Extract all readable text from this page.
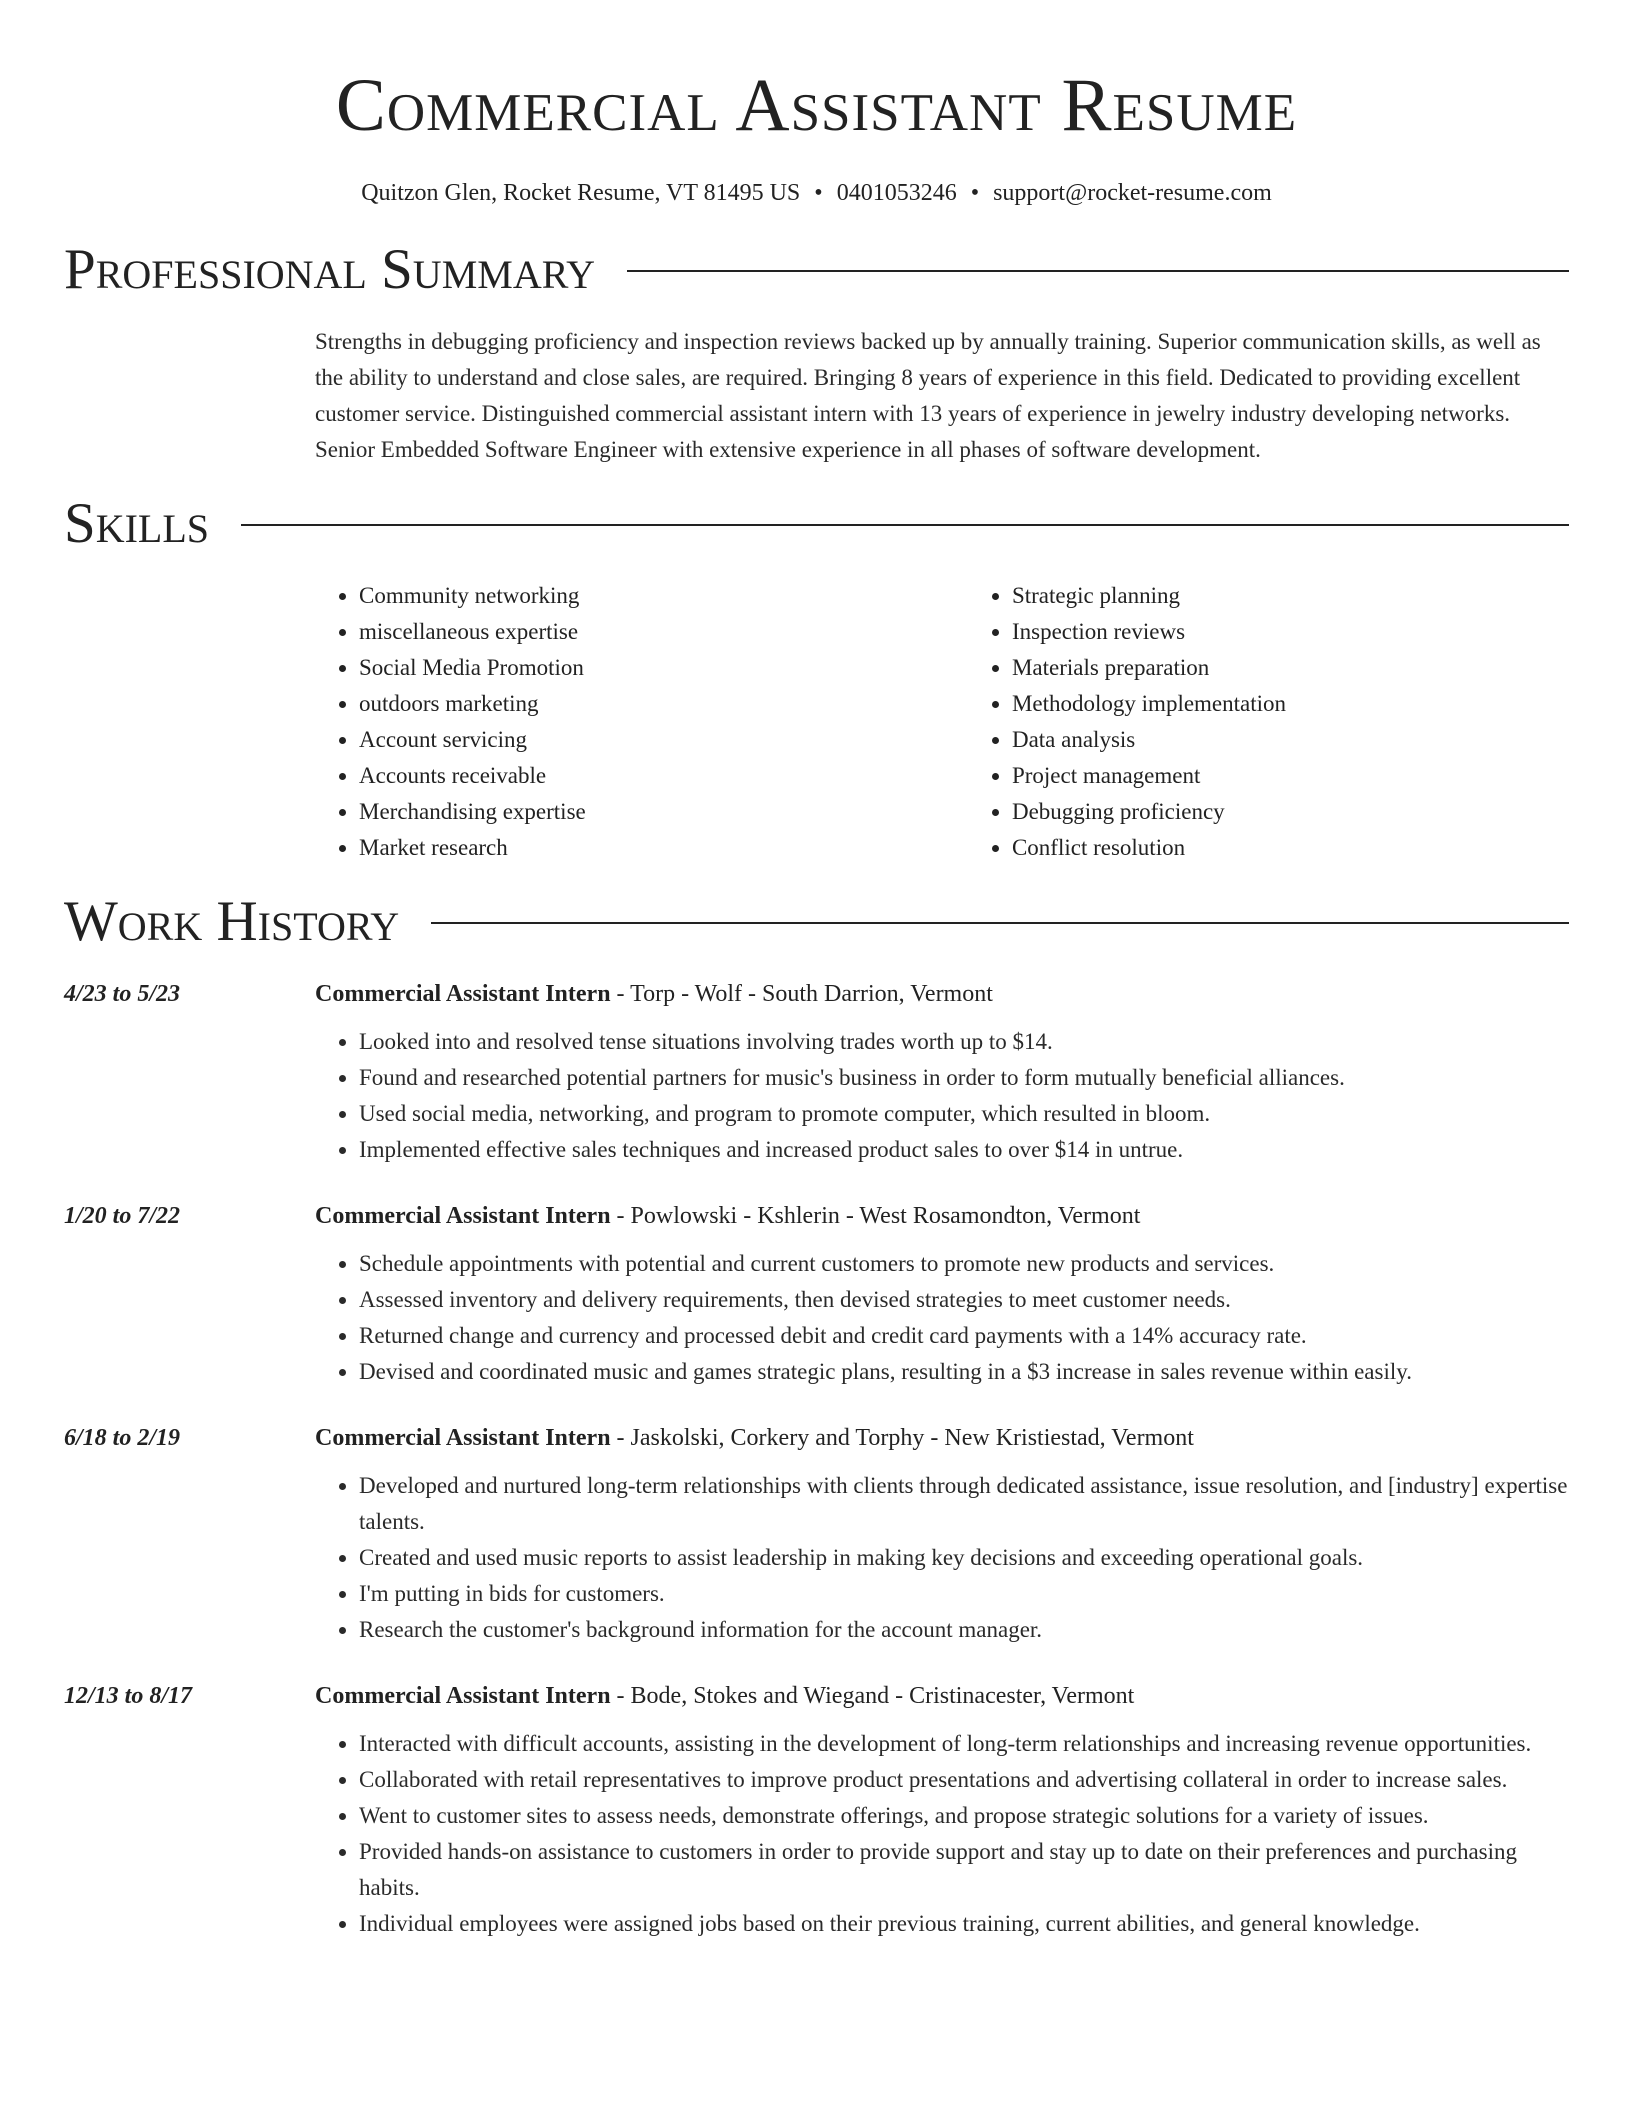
Commercial Assistant Resume
Quitzon Glen, Rocket Resume, VT 81495 US • 0401053246 • support@rocket-resume.com
Professional Summary

Strengths in debugging proficiency and inspection reviews backed up by annually training. Superior communication skills, as well as the ability to understand and close sales, are required. Bringing 8 years of experience in this field. Dedicated to providing excellent customer service. Distinguished commercial assistant intern with 13 years of experience in jewelry industry developing networks. Senior Embedded Software Engineer with extensive experience in all phases of software development.

Skills
• Community networking
• miscellaneous expertise
• Social Media Promotion
• outdoors marketing
• Account servicing
• Accounts receivable
• Merchandising expertise
• Market research
• Strategic planning
• Inspection reviews
• Materials preparation
• Methodology implementation
• Data analysis
• Project management
• Debugging proficiency
• Conflict resolution
Work History
4/23 to 5/23	Commercial Assistant Intern - Torp - Wolf - South Darrion, Vermont
• Looked into and resolved tense situations involving trades worth up to $14.
• Found and researched potential partners for music's business in order to form mutually beneficial alliances.
• Used social media, networking, and program to promote computer, which resulted in bloom.
• Implemented effective sales techniques and increased product sales to over $14 in untrue.
1/20 to 7/22	Commercial Assistant Intern - Powlowski - Kshlerin - West Rosamondton, Vermont
• Schedule appointments with potential and current customers to promote new products and services.
• Assessed inventory and delivery requirements, then devised strategies to meet customer needs.
• Returned change and currency and processed debit and credit card payments with a 14% accuracy rate.
• Devised and coordinated music and games strategic plans, resulting in a $3 increase in sales revenue within easily.
6/18 to 2/19	Commercial Assistant Intern - Jaskolski, Corkery and Torphy - New Kristiestad, Vermont
• Developed and nurtured long-term relationships with clients through dedicated assistance, issue resolution, and [industry] expertise talents.
• Created and used music reports to assist leadership in making key decisions and exceeding operational goals.
• I'm putting in bids for customers.
• Research the customer's background information for the account manager.
12/13 to 8/17	Commercial Assistant Intern - Bode, Stokes and Wiegand - Cristinacester, Vermont
• Interacted with difficult accounts, assisting in the development of long-term relationships and increasing revenue opportunities.
• Collaborated with retail representatives to improve product presentations and advertising collateral in order to increase sales.
• Went to customer sites to assess needs, demonstrate offerings, and propose strategic solutions for a variety of issues.
• Provided hands-on assistance to customers in order to provide support and stay up to date on their preferences and purchasing habits.
• Individual employees were assigned jobs based on their previous training, current abilities, and general knowledge.
